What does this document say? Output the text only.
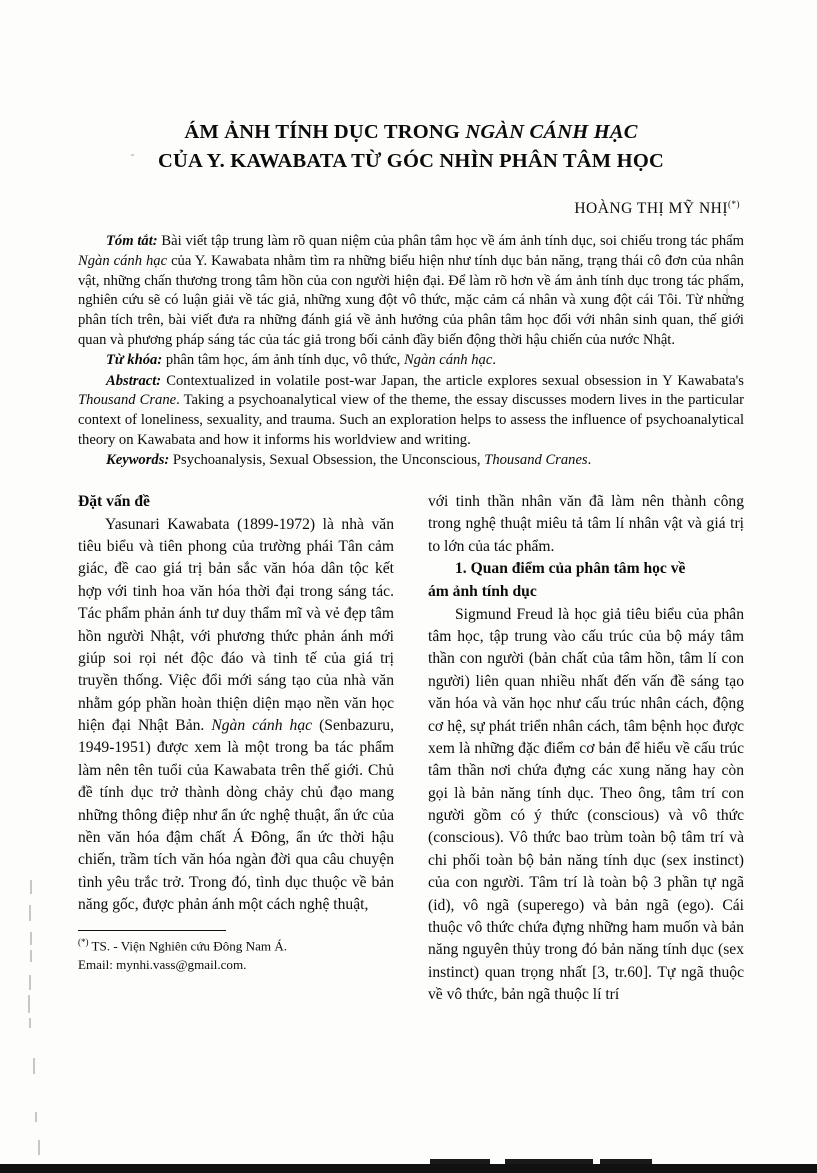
ÁM ẢNH TÍNH DỤC TRONG NGÀN CÁNH HẠC
CỦA Y. KAWABATA TỪ GÓC NHÌN PHÂN TÂM HỌC
HOÀNG THỊ MỸ NHỊ(*)

Tóm tắt: Bài viết tập trung làm rõ quan niệm của phân tâm học về ám ảnh tính dục, soi chiếu trong tác phẩm Ngàn cánh hạc của Y. Kawabata nhằm tìm ra những biểu hiện như tính dục bản năng, trạng thái cô đơn của nhân vật, những chấn thương trong tâm hồn của con người hiện đại. Để làm rõ hơn về ám ảnh tính dục trong tác phẩm, nghiên cứu sẽ có luận giải về tác giả, những xung đột vô thức, mặc cảm cá nhân và xung đột cái Tôi. Từ những phân tích trên, bài viết đưa ra những đánh giá về ảnh hưởng của phân tâm học đối với nhân sinh quan, thế giới quan và phương pháp sáng tác của tác giả trong bối cảnh đầy biến động thời hậu chiến của nước Nhật.

Từ khóa: phân tâm học, ám ảnh tính dục, vô thức, Ngàn cánh hạc.

Abstract: Contextualized in volatile post-war Japan, the article explores sexual obsession in Y Kawabata's Thousand Crane. Taking a psychoanalytical view of the theme, the essay discusses modern lives in the particular context of loneliness, sexuality, and trauma. Such an exploration helps to assess the influence of psychoanalytical theory on Kawabata and how it informs his worldview and writing.

Keywords: Psychoanalysis, Sexual Obsession, the Unconscious, Thousand Cranes.

Đặt vấn đề

Yasunari Kawabata (1899-1972) là nhà văn tiêu biểu và tiên phong của trường phái Tân cảm giác, đề cao giá trị bản sắc văn hóa dân tộc kết hợp với tinh hoa văn hóa thời đại trong sáng tác. Tác phẩm phản ánh tư duy thẩm mĩ và vẻ đẹp tâm hồn người Nhật, với phương thức phản ánh mới giúp soi rọi nét độc đáo và tinh tế của giá trị truyền thống. Việc đổi mới sáng tạo của nhà văn nhằm góp phần hoàn thiện diện mạo nền văn học hiện đại Nhật Bản. Ngàn cánh hạc (Senbazuru, 1949-1951) được xem là một trong ba tác phẩm làm nên tên tuổi của Kawabata trên thế giới. Chủ đề tính dục trở thành dòng chảy chủ đạo mang những thông điệp như ẩn ức nghệ thuật, ẩn ức của nền văn hóa đậm chất Á Đông, ẩn ức thời hậu chiến, trầm tích văn hóa ngàn đời qua câu chuyện tình yêu trắc trở. Trong đó, tình dục thuộc về bản năng gốc, được phản ánh một cách nghệ thuật,

(*) TS. - Viện Nghiên cứu Đông Nam Á.
Email: mynhi.vass@gmail.com.

với tinh thần nhân văn đã làm nên thành công trong nghệ thuật miêu tả tâm lí nhân vật và giá trị to lớn của tác phẩm.

1. Quan điểm của phân tâm học về
ám ảnh tính dục

Sigmund Freud là học giả tiêu biểu của phân tâm học, tập trung vào cấu trúc của bộ máy tâm thần con người (bản chất của tâm hồn, tâm lí con người) liên quan nhiều nhất đến vấn đề sáng tạo văn hóa và văn học như cấu trúc nhân cách, động cơ hệ, sự phát triển nhân cách, tâm bệnh học được xem là những đặc điểm cơ bản để hiểu về cấu trúc tâm thần nơi chứa đựng các xung năng hay còn gọi là bản năng tính dục. Theo ông, tâm trí con người gồm có ý thức (conscious) và vô thức (conscious). Vô thức bao trùm toàn bộ tâm trí và chi phối toàn bộ bản năng tính dục (sex instinct) của con người. Tâm trí là toàn bộ 3 phần tự ngã (id), vô ngã (superego) và bản ngã (ego). Cái thuộc vô thức chứa đựng những ham muốn và bản năng nguyên thủy trong đó bản năng tính dục (sex instinct) quan trọng nhất [3, tr.60]. Tự ngã thuộc về vô thức, bản ngã thuộc lí trí
